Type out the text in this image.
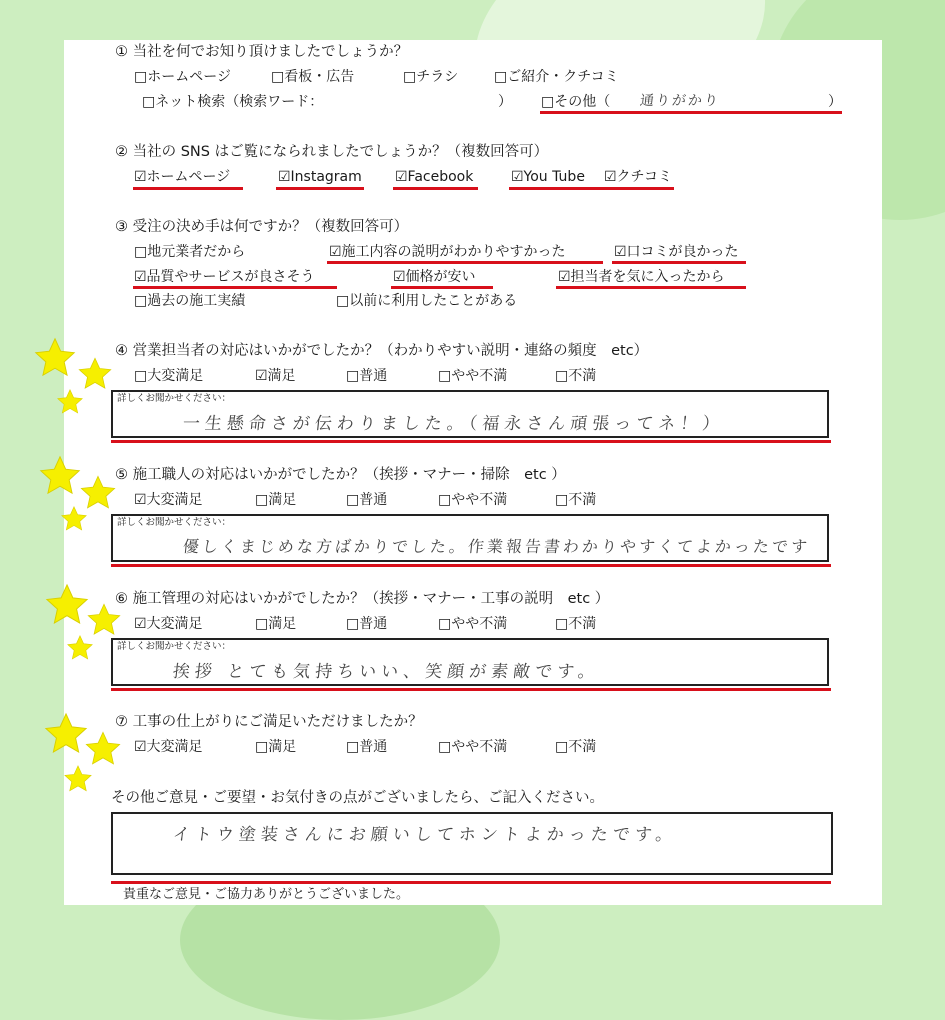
① 当社を何でお知り頂けましたでしょうか？
□ホームページ	□看板・広告	□チラシ	□ご紹介・クチコミ
□ネット検索（検索ワード：	） □その他（ 通りがかり	）
② 当社の SNS はご覧になられましたでしょうか？（複数回答可）
☑ホームページ	☑Instagram ☑Facebook	☑You Tube ☑クチコミ
③ 受注の決め手は何ですか？（複数回答可）
□地元業者だから	☑施工内容の説明がわかりやすかった	☑口コミが良かった
☑品質やサービスが良さそう	☑価格が安い	☑担当者を気に入ったから
□過去の施工実績	□以前に利用したことがある
④ 営業担当者の対応はいかがでしたか？（わかりやすい説明・連絡の頻度　etc）
□大変満足	☑満足	□普通	□やや不満	□不満
詳しくお聞かせください：
一生懸命さが伝わりました。（福永さん頑張ってネ！）
⑤ 施工職人の対応はいかがでしたか？（挨拶・マナー・掃除　etc ）
☑大変満足	□満足	□普通	□やや不満	□不満
詳しくお聞かせください：
優しくまじめな方ばかりでした。作業報告書わかりやすくてよかったです
⑥ 施工管理の対応はいかがでしたか？（挨拶・マナー・工事の説明　etc ）
☑大変満足	□満足	□普通	□やや不満	□不満
詳しくお聞かせください：
挨拶 とても気持ちいい、笑顔が素敵です。
⑦ 工事の仕上がりにご満足いただけましたか？
☑大変満足	□満足	□普通	□やや不満	□不満
その他ご意見・ご要望・お気付きの点がございましたら、ご記入ください。
イトウ塗装さんにお願いしてホントよかったです。
貴重なご意見・ご協力ありがとうございました。
